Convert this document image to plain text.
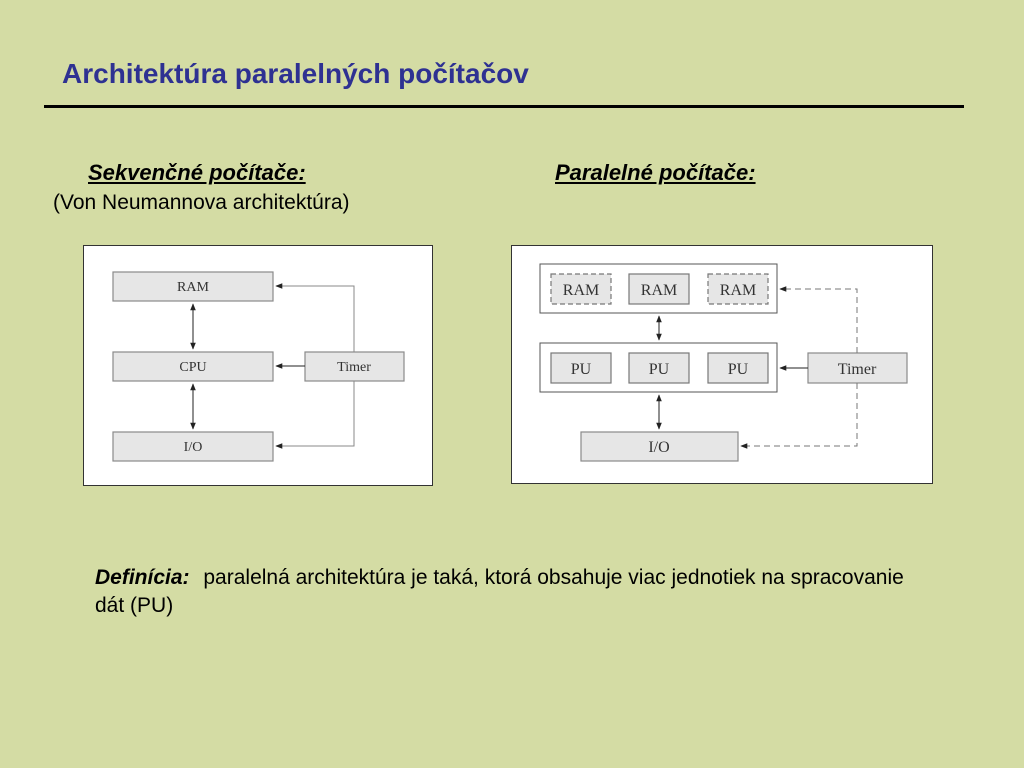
Architektúra paralelných počítačov
Sekvenčné počítače:
(Von Neumannova architektúra)
Paralelné počítače:
RAM
CPU
I/O
Timer
RAM	RAM	RAM
PU	PU	PU
I/O
Timer
Definícia: paralelná architektúra je taká, ktorá obsahuje viac jednotiek na spracovanie dát (PU)
